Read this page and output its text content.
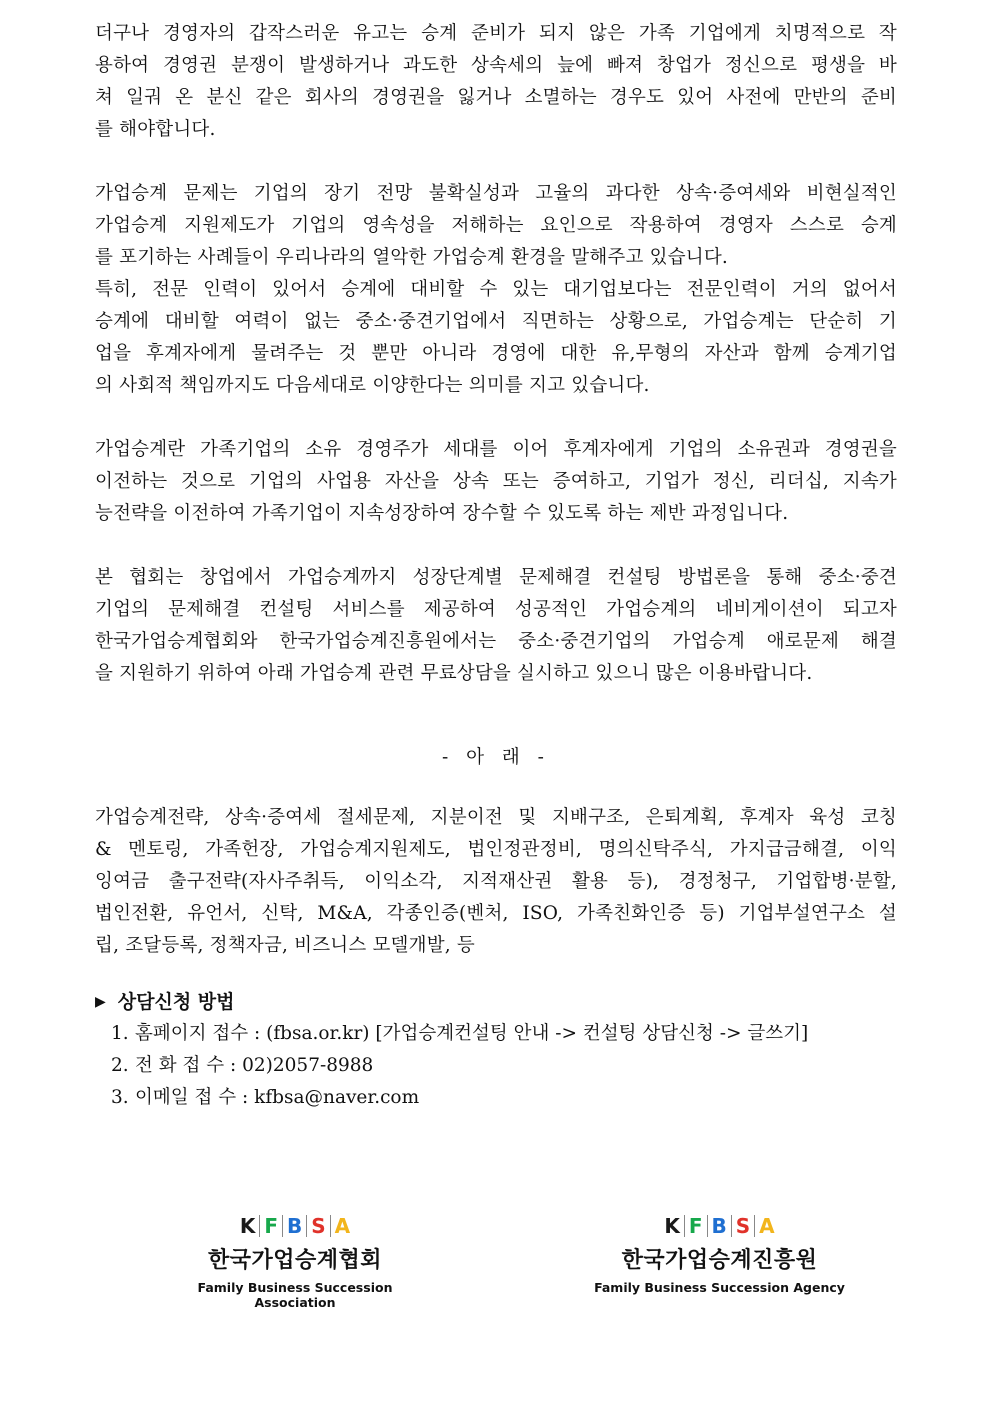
더구나 경영자의 갑작스러운 유고는 승계 준비가 되지 않은 가족 기업에게 치명적으로 작
용하여 경영권 분쟁이 발생하거나 과도한 상속세의 늪에 빠져 창업가 정신으로 평생을 바
쳐 일궈 온 분신 같은 회사의 경영권을 잃거나 소멸하는 경우도 있어 사전에 만반의 준비
를 해야합니다.
가업승계 문제는 기업의 장기 전망 불확실성과 고율의 과다한 상속·증여세와 비현실적인
가업승계 지원제도가 기업의 영속성을 저해하는 요인으로 작용하여 경영자 스스로 승계
를 포기하는 사례들이 우리나라의 열악한 가업승계 환경을 말해주고 있습니다.
특히, 전문 인력이 있어서 승계에 대비할 수 있는 대기업보다는 전문인력이 거의 없어서
승계에 대비할 여력이 없는 중소·중견기업에서 직면하는 상황으로, 가업승계는 단순히 기
업을 후계자에게 물려주는 것 뿐만 아니라 경영에 대한 유,무형의 자산과 함께 승계기업
의 사회적 책임까지도 다음세대로 이양한다는 의미를 지고 있습니다.
가업승계란 가족기업의 소유 경영주가 세대를 이어 후계자에게 기업의 소유권과 경영권을
이전하는 것으로 기업의 사업용 자산을 상속 또는 증여하고, 기업가 정신, 리더십, 지속가
능전략을 이전하여 가족기업이 지속성장하여 장수할 수 있도록 하는 제반 과정입니다.
본 협회는 창업에서 가업승계까지 성장단계별 문제해결 컨설팅 방법론을 통해 중소·중견
기업의 문제해결 컨설팅 서비스를 제공하여 성공적인 가업승계의 네비게이션이 되고자
한국가업승계협회와 한국가업승계진흥원에서는 중소·중견기업의 가업승계 애로문제 해결
을 지원하기 위하여 아래 가업승계 관련 무료상담을 실시하고 있으니 많은 이용바랍니다.
- 아 래 -
가업승계전략, 상속·증여세 절세문제, 지분이전 및 지배구조, 은퇴계획, 후계자 육성 코칭
& 멘토링, 가족헌장, 가업승계지원제도, 법인정관정비, 명의신탁주식, 가지급금해결, 이익
잉여금 출구전략(자사주취득, 이익소각, 지적재산권 활용 등), 경정청구, 기업합병·분할,
법인전환, 유언서, 신탁, M&A, 각종인증(벤처, ISO, 가족친화인증 등) 기업부설연구소 설
립, 조달등록, 정책자금, 비즈니스 모델개발, 등
▶ 상담신청 방법
1. 홈페이지 접수 : (fbsa.or.kr) [가업승계컨설팅 안내 -> 컨설팅 상담신청 -> 글쓰기]
2. 전 화 접 수 : 02)2057-8988
3. 이메일 접 수 : kfbsa@naver.com
K F B S A
한국가업승계협회
Family Business Succession Association
K F B S A
한국가업승계진흥원
Family Business Succession Agency
